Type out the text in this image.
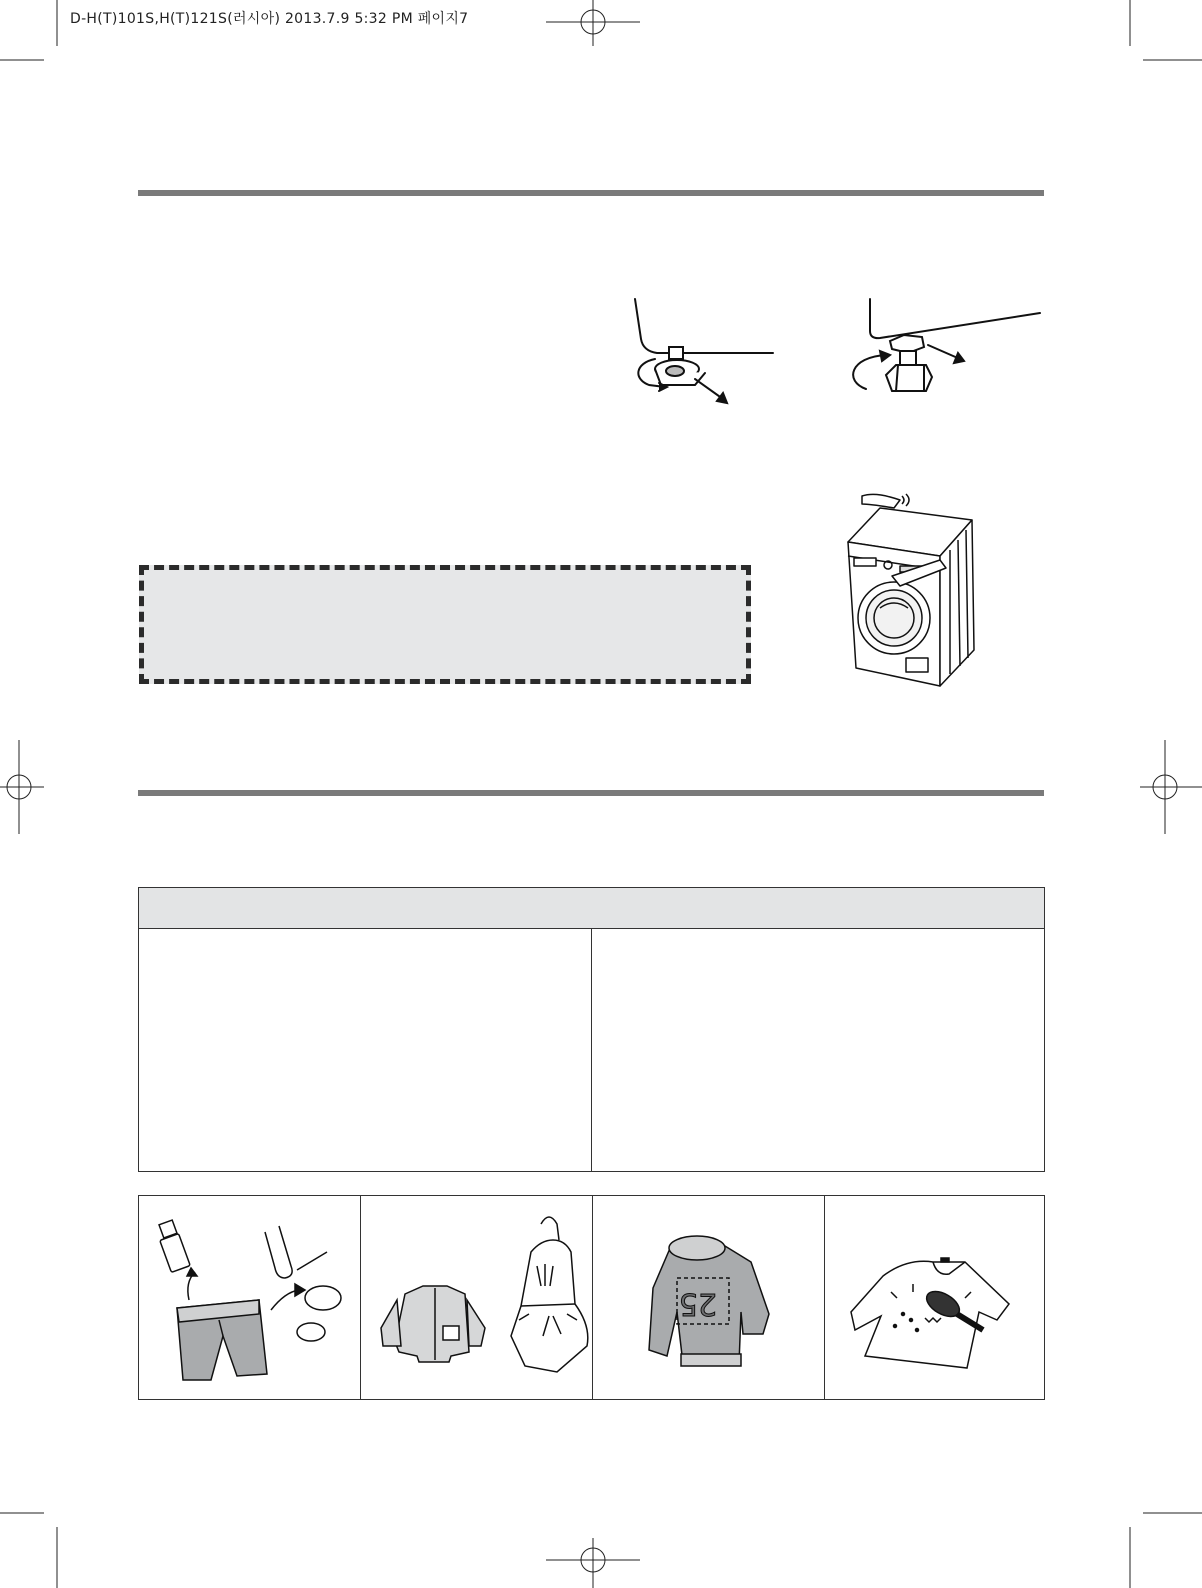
D-H(T)101S,H(T)121S(러시아) 2013.7.9 5:32 PM 페이지7
25
